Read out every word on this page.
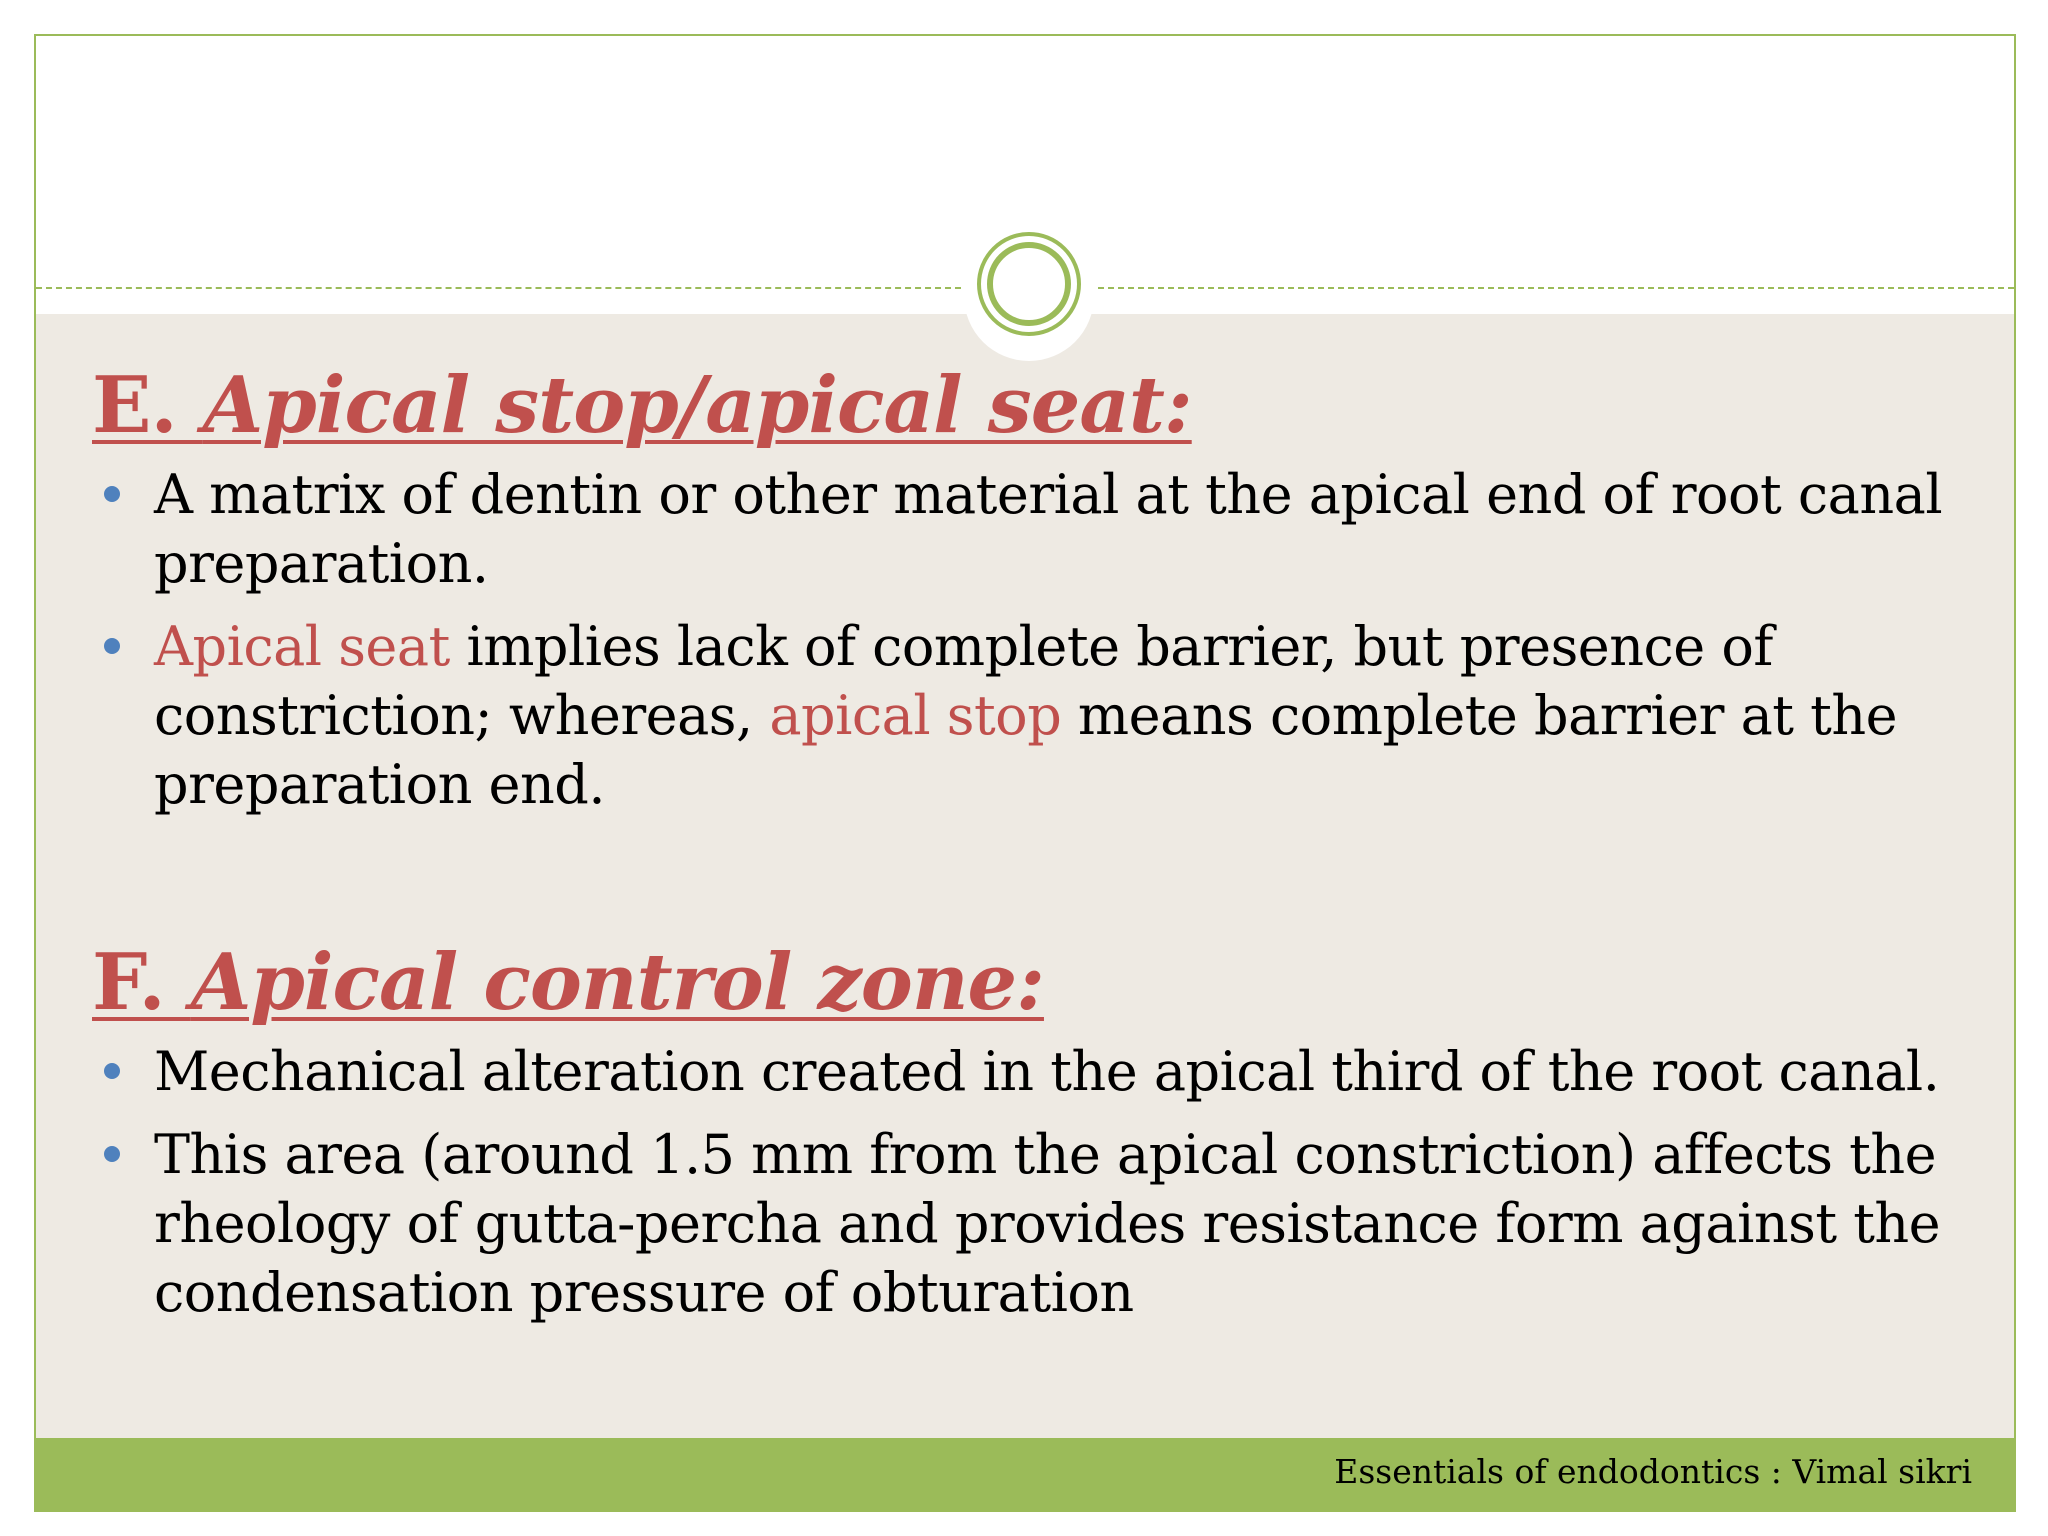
E. Apical stop/apical seat:
A matrix of dentin or other material at the apical end of root canal preparation.
Apical seat implies lack of complete barrier, but presence of constriction; whereas, apical stop means complete barrier at the preparation end.
F. Apical control zone:
Mechanical alteration created in the apical third of the root canal.
This area (around 1.5 mm from the apical constriction) affects the rheology of gutta-percha and provides resistance form against the condensation pressure of obturation
Essentials of endodontics : Vimal sikri
